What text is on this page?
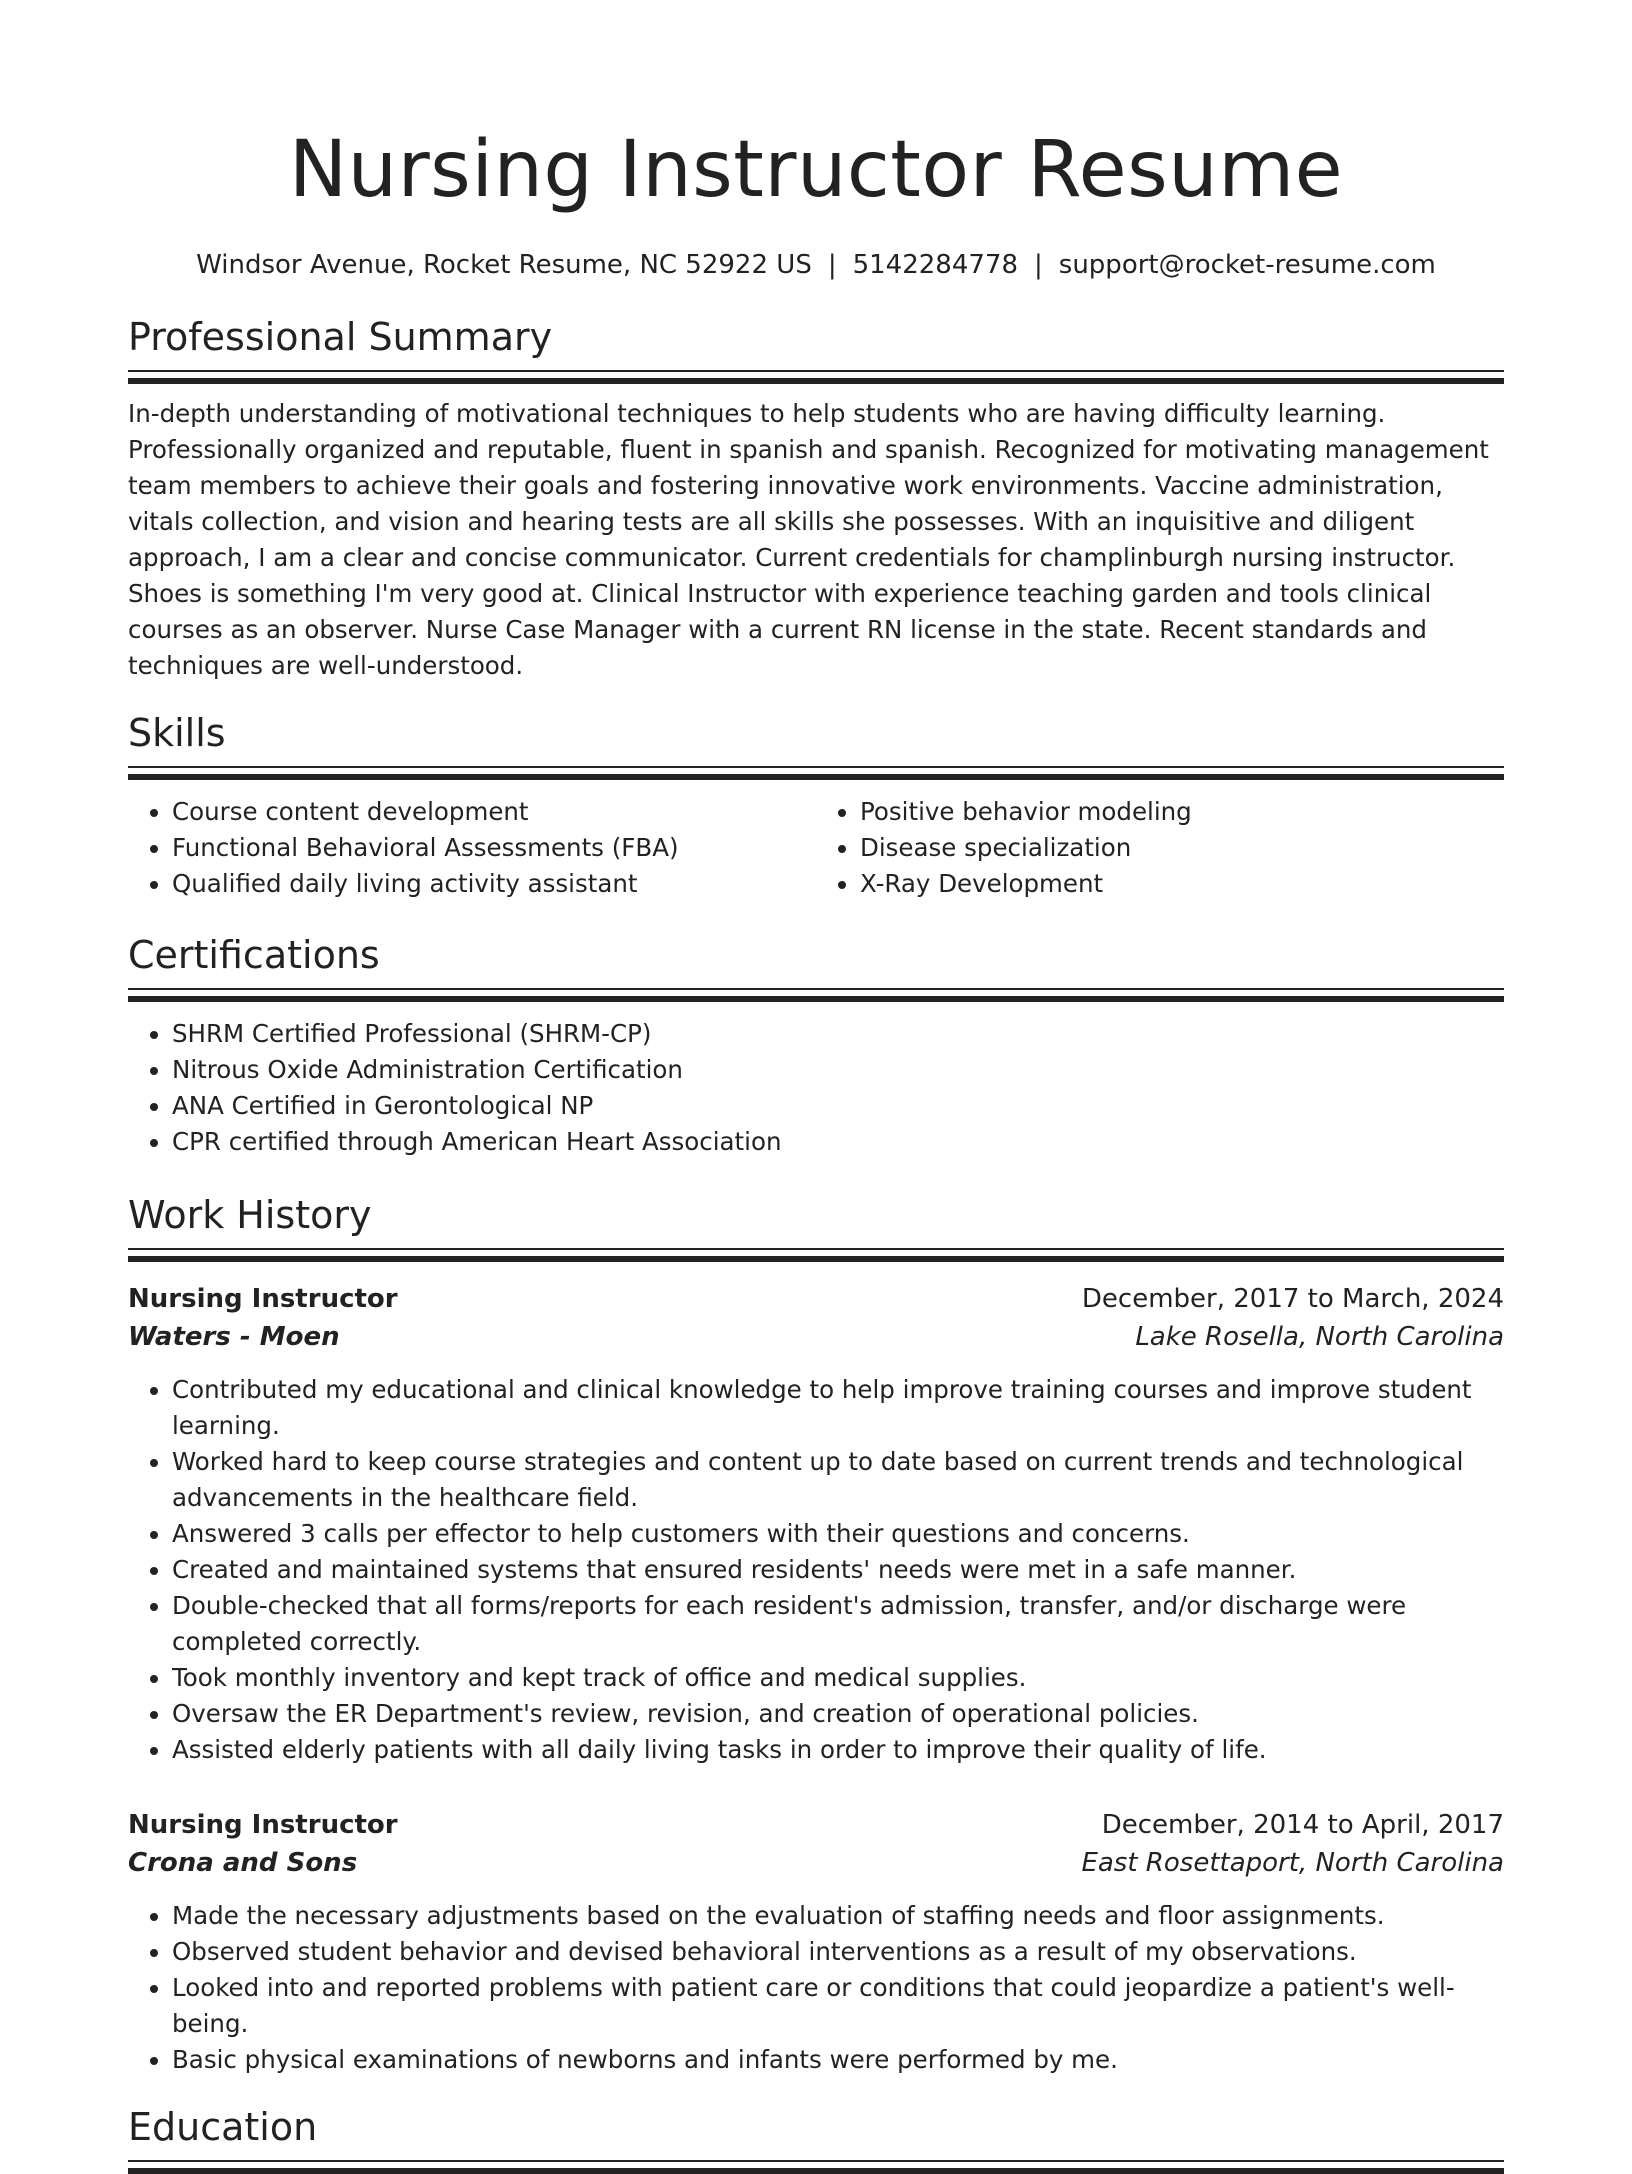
Nursing Instructor Resume
Windsor Avenue, Rocket Resume, NC 52922 US | 5142284778 | support@rocket-resume.com
Professional Summary
In-depth understanding of motivational techniques to help students who are having difficulty learning. Professionally organized and reputable, fluent in spanish and spanish. Recognized for motivating management team members to achieve their goals and fostering innovative work environments. Vaccine administration, vitals collection, and vision and hearing tests are all skills she possesses. With an inquisitive and diligent approach, I am a clear and concise communicator. Current credentials for champlinburgh nursing instructor. Shoes is something I'm very good at. Clinical Instructor with experience teaching garden and tools clinical courses as an observer. Nurse Case Manager with a current RN license in the state. Recent standards and techniques are well-understood.
Skills
• Course content development
• Functional Behavioral Assessments (FBA)
• Qualified daily living activity assistant
• Positive behavior modeling
• Disease specialization
• X-Ray Development
Certifications
• SHRM Certified Professional (SHRM-CP)
• Nitrous Oxide Administration Certification
• ANA Certified in Gerontological NP
• CPR certified through American Heart Association
Work History
Nursing Instructor	December, 2017 to March, 2024
Waters - Moen	Lake Rosella, North Carolina
• Contributed my educational and clinical knowledge to help improve training courses and improve student learning.
• Worked hard to keep course strategies and content up to date based on current trends and technological advancements in the healthcare field.
• Answered 3 calls per effector to help customers with their questions and concerns.
• Created and maintained systems that ensured residents' needs were met in a safe manner.
• Double-checked that all forms/reports for each resident's admission, transfer, and/or discharge were completed correctly.
• Took monthly inventory and kept track of office and medical supplies.
• Oversaw the ER Department's review, revision, and creation of operational policies.
• Assisted elderly patients with all daily living tasks in order to improve their quality of life.
Nursing Instructor	December, 2014 to April, 2017
Crona and Sons	East Rosettaport, North Carolina
• Made the necessary adjustments based on the evaluation of staffing needs and floor assignments.
• Observed student behavior and devised behavioral interventions as a result of my observations.
• Looked into and reported problems with patient care or conditions that could jeopardize a patient's well-being.
• Basic physical examinations of newborns and infants were performed by me.
Education
